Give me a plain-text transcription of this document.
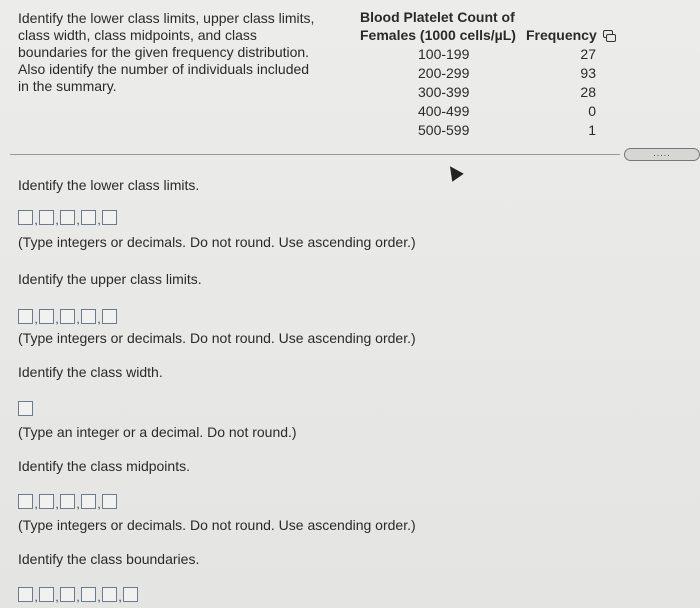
Identify the lower class limits, upper class limits,
class width, class midpoints, and class
boundaries for the given frequency distribution.
Also identify the number of individuals included
in the summary.
Blood Platelet Count of
Females (1000 cells/µL) Frequency
100-199	27
200-299	93
300-399	28
400-499	0
500-599	1
.....
Identify the lower class limits.
, , , ,
(Type integers or decimals. Do not round. Use ascending order.)
Identify the upper class limits.
, , , ,
(Type integers or decimals. Do not round. Use ascending order.)
Identify the class width.
(Type an integer or a decimal. Do not round.)
Identify the class midpoints.
, , , ,
(Type integers or decimals. Do not round. Use ascending order.)
Identify the class boundaries.
, , , , ,
